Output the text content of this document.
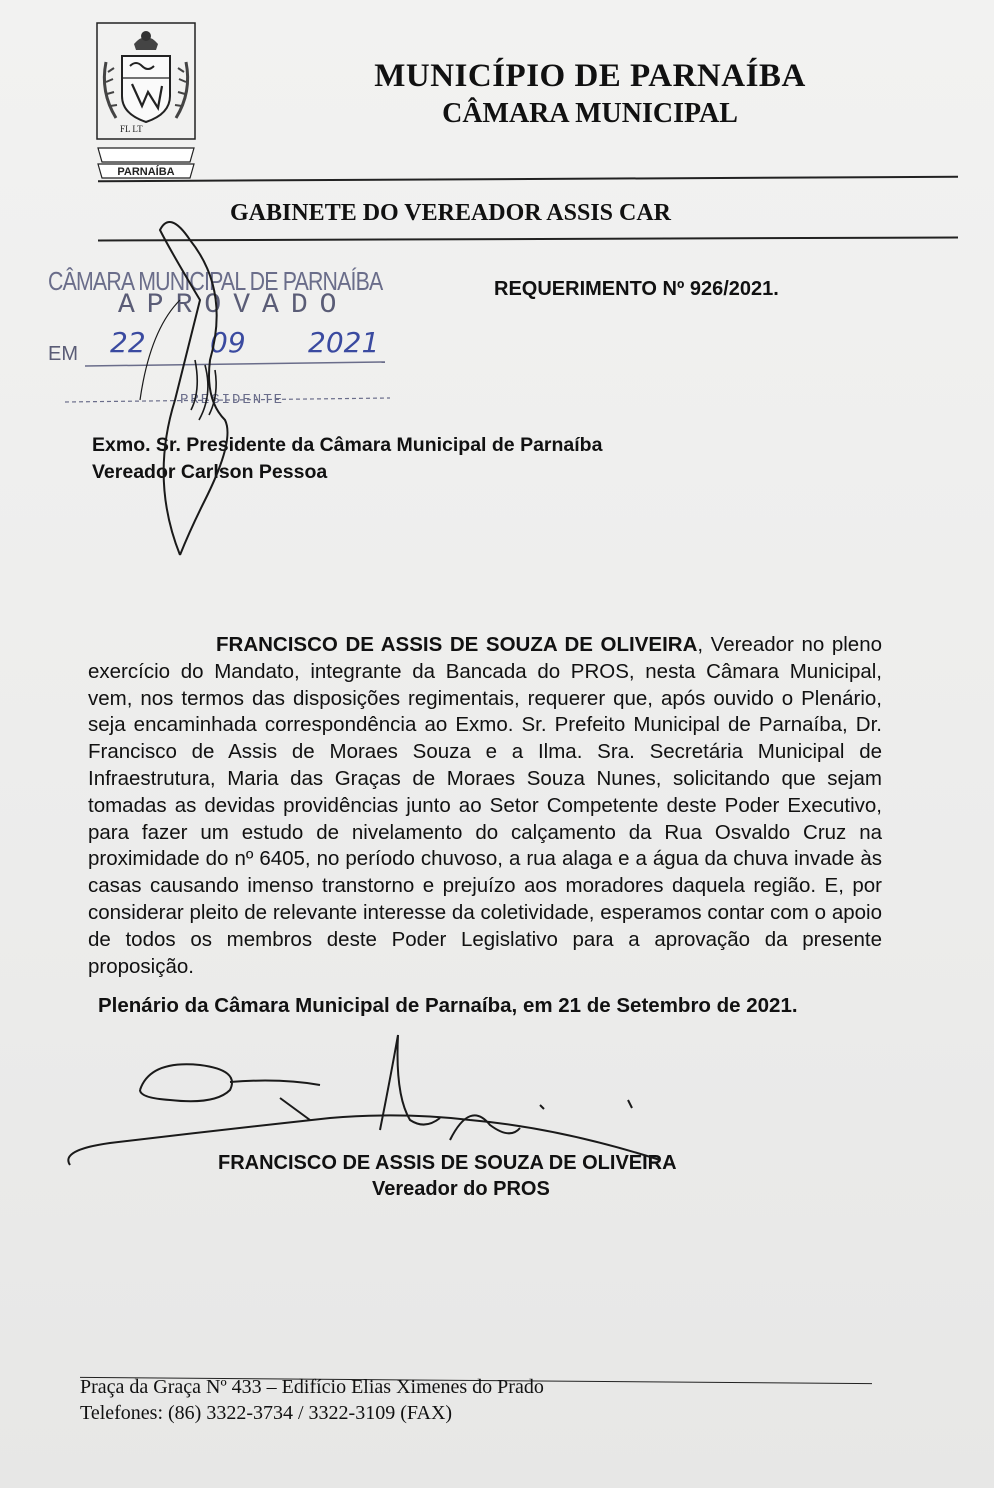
FL LT
PARNAÍBA
MUNICÍPIO DE PARNAÍBA
CÂMARA MUNICIPAL
GABINETE DO VEREADOR ASSIS CAR
CÂMARA MUNICIPAL DE PARNAÍBA
APROVADO
EM 22 09 2021
PRESIDENTE
REQUERIMENTO Nº 926/2021.
Exmo. Sr. Presidente da Câmara Municipal de Parnaíba
Vereador Carlson Pessoa
FRANCISCO DE ASSIS DE SOUZA DE OLIVEIRA, Vereador no pleno exercício do Mandato, integrante da Bancada do PROS, nesta Câmara Municipal, vem, nos termos das disposições regimentais, requerer que, após ouvido o Plenário, seja encaminhada correspondência ao Exmo. Sr. Prefeito Municipal de Parnaíba, Dr. Francisco de Assis de Moraes Souza e a Ilma. Sra. Secretária Municipal de Infraestrutura, Maria das Graças de Moraes Souza Nunes, solicitando que sejam tomadas as devidas providências junto ao Setor Competente deste Poder Executivo, para fazer um estudo de nivelamento do calçamento da Rua Osvaldo Cruz na proximidade do nº 6405, no período chuvoso, a rua alaga e a água da chuva invade às casas causando imenso transtorno e prejuízo aos moradores daquela região. E, por considerar pleito de relevante interesse da coletividade, esperamos contar com o apoio de todos os membros deste Poder Legislativo para a aprovação da presente proposição.
Plenário da Câmara Municipal de Parnaíba, em 21 de Setembro de 2021.
FRANCISCO DE ASSIS DE SOUZA DE OLIVEIRA
Vereador do PROS
Praça da Graça Nº 433 – Edifício Elias Ximenes do Prado
Telefones: (86) 3322-3734 / 3322-3109 (FAX)
